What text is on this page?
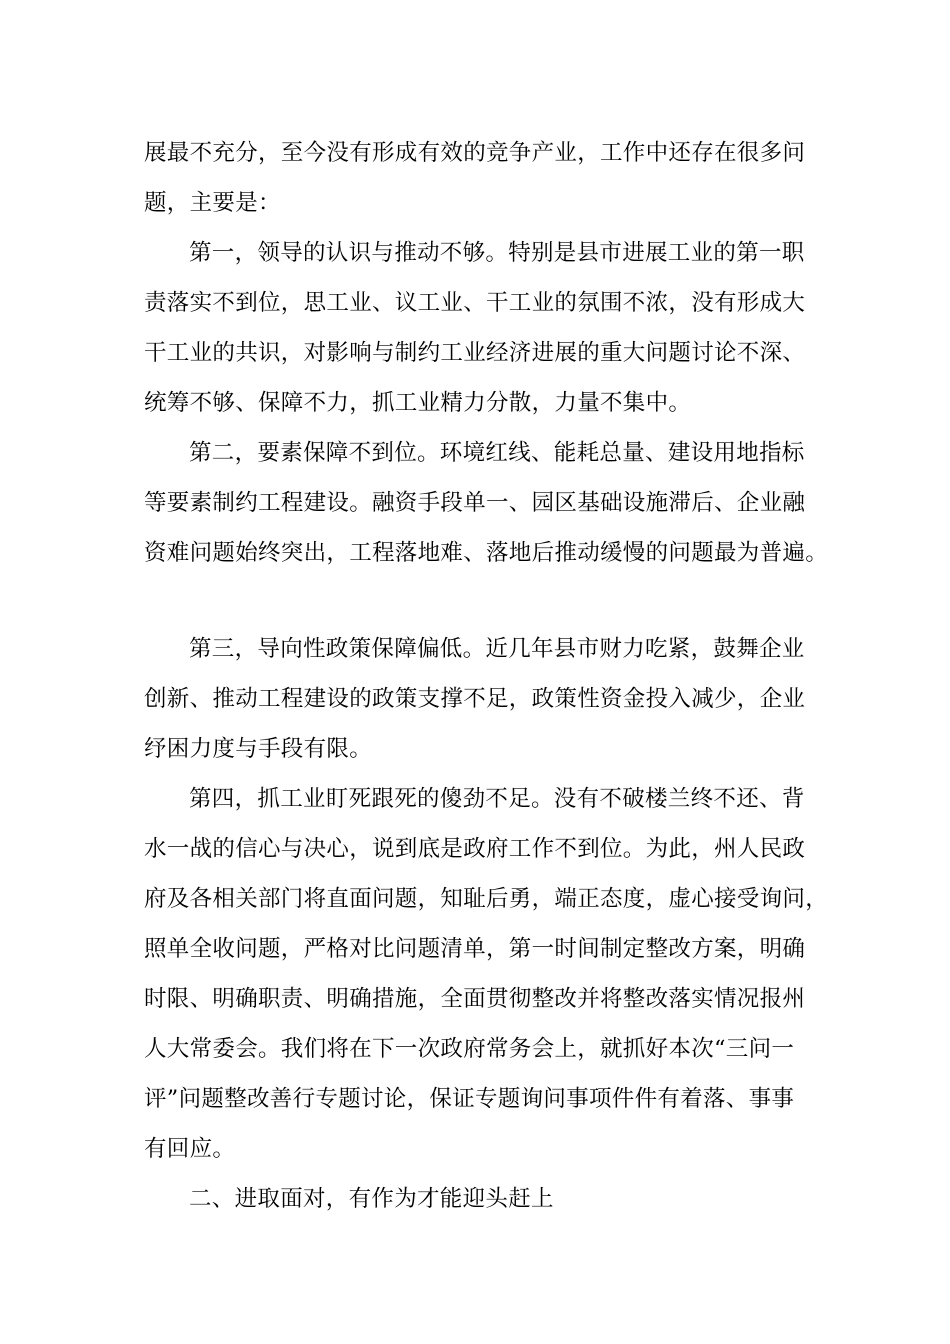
展最不充分，至今没有形成有效的竞争产业，工作中还存在很多问
题，主要是：
第一，领导的认识与推动不够。特别是县市进展工业的第一职
责落实不到位，思工业、议工业、干工业的氛围不浓，没有形成大
干工业的共识，对影响与制约工业经济进展的重大问题讨论不深、
统筹不够、保障不力，抓工业精力分散，力量不集中。
第二，要素保障不到位。环境红线、能耗总量、建设用地指标
等要素制约工程建设。融资手段单一、园区基础设施滞后、企业融
资难问题始终突出，工程落地难、落地后推动缓慢的问题最为普遍。
第三，导向性政策保障偏低。近几年县市财力吃紧，鼓舞企业
创新、推动工程建设的政策支撑不足，政策性资金投入减少，企业
纾困力度与手段有限。
第四，抓工业盯死跟死的傻劲不足。没有不破楼兰终不还、背
水一战的信心与决心，说到底是政府工作不到位。为此，州人民政
府及各相关部门将直面问题，知耻后勇，端正态度，虚心接受询问，
照单全收问题，严格对比问题清单，第一时间制定整改方案，明确
时限、明确职责、明确措施，全面贯彻整改并将整改落实情况报州
人大常委会。我们将在下一次政府常务会上，就抓好本次“三问一
评”问题整改善行专题讨论，保证专题询问事项件件有着落、事事
有回应。
二、进取面对，有作为才能迎头赶上
